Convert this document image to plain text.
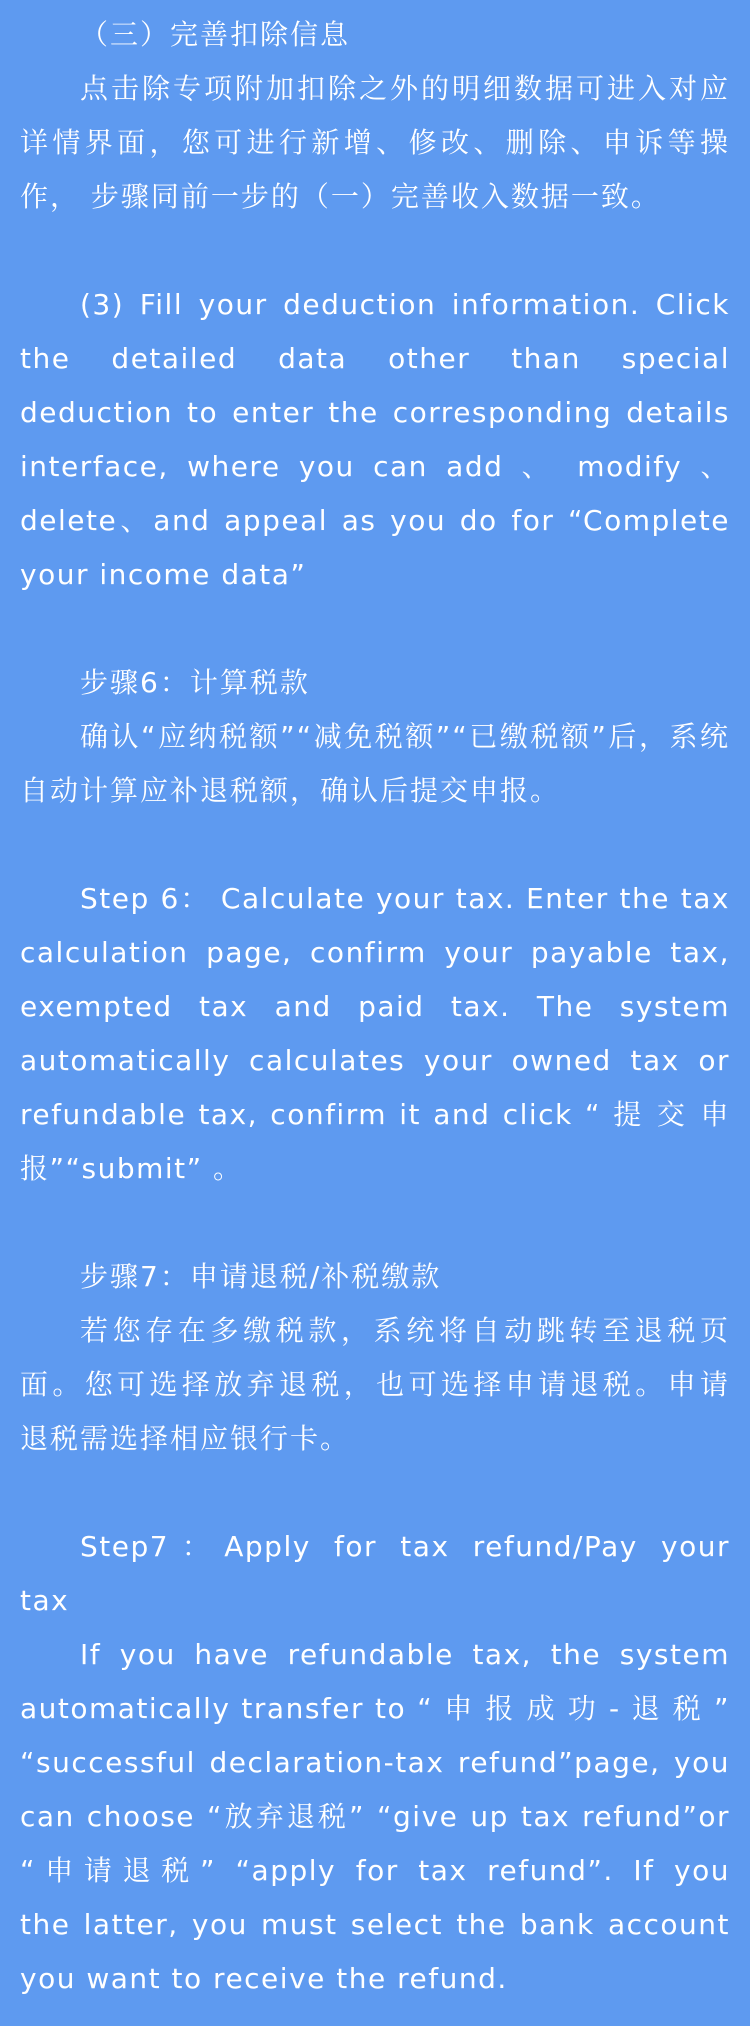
（三）完善扣除信息
点击除专项附加扣除之外的明细数据可进入对应
详情界面，您可进行新增、修改、删除、申诉等操
作， 步骤同前一步的（一）完善收入数据一致。
(3) Fill your deduction information. Click
the detailed data other than special
deduction to enter the corresponding details
interface, where you can add 、 modify 、
delete、and appeal as you do for “Complete
your income data”
步骤6：计算税款
确认“应纳税额”“减免税额”“已缴税额”后，系统
自动计算应补退税额，确认后提交申报。
Step 6： Calculate your tax. Enter the tax
calculation page, confirm your payable tax,
exempted tax and paid tax. The system
automatically calculates your owned tax or
refundable tax, confirm it and click “ 提 交 申
报”“submit” 。
步骤7：申请退税/补税缴款
若您存在多缴税款，系统将自动跳转至退税页
面。您可选择放弃退税，也可选择申请退税。申请
退税需选择相应银行卡。
Step7：Apply for tax refund/Pay your
tax
If you have refundable tax, the system
automatically transfer to “ 申 报 成 功 - 退 税 ”
“successful declaration-tax refund”page, you
can choose “放弃退税” “give up tax refund”or
“申请退税” “apply for tax refund”. If you
the latter, you must select the bank account
you want to receive the refund.
